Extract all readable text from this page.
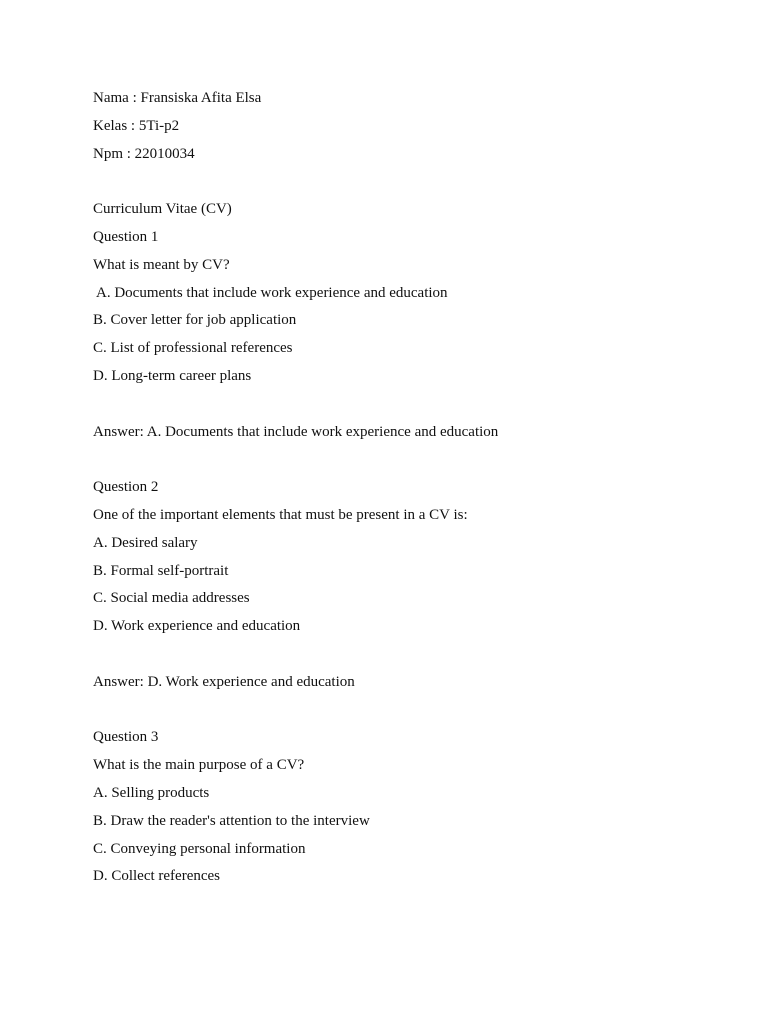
Nama : Fransiska Afita Elsa
Kelas : 5Ti-p2
Npm : 22010034
Curriculum Vitae (CV)
Question 1
What is meant by CV?
A. Documents that include work experience and education
B. Cover letter for job application
C. List of professional references
D. Long-term career plans
Answer: A. Documents that include work experience and education
Question 2
One of the important elements that must be present in a CV is:
A. Desired salary
B. Formal self-portrait
C. Social media addresses
D. Work experience and education
Answer: D. Work experience and education
Question 3
What is the main purpose of a CV?
A. Selling products
B. Draw the reader's attention to the interview
C. Conveying personal information
D. Collect references
